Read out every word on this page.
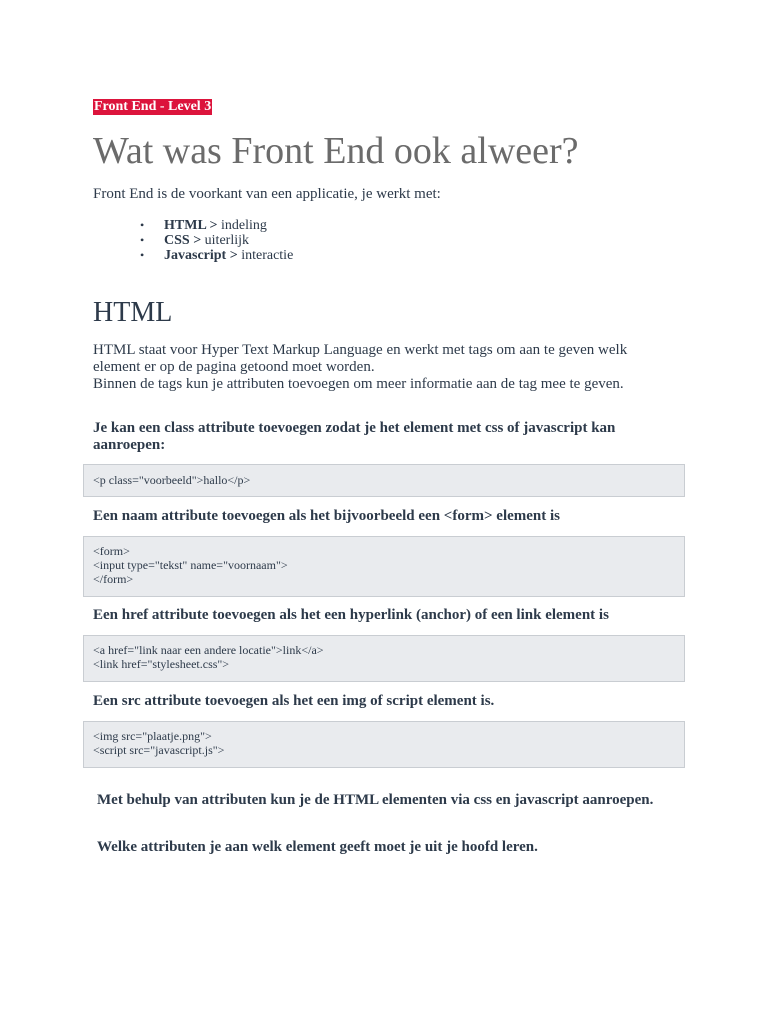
Front End - Level 3
Wat was Front End ook alweer?

Front End is de voorkant van een applicatie, je werkt met:

• HTML > indeling
• CSS > uiterlijk
• Javascript > interactie
HTML
HTML staat voor Hyper Text Markup Language en werkt met tags om aan te geven welk
element er op de pagina getoond moet worden.
Binnen de tags kun je attributen toevoegen om meer informatie aan de tag mee te geven.

Je kan een class attribute toevoegen zodat je het element met css of javascript kan aanroepen:

<p class="voorbeeld">hallo</p>

Een naam attribute toevoegen als het bijvoorbeeld een <form> element is

<form>
<input type="tekst" name="voornaam">
</form>

Een href attribute toevoegen als het een hyperlink (anchor) of een link element is

<a href="link naar een andere locatie">link</a>
<link href="stylesheet.css">

Een src attribute toevoegen als het een img of script element is.

<img src="plaatje.png">
<script src="javascript.js">

Met behulp van attributen kun je de HTML elementen via css en javascript aanroepen.

Welke attributen je aan welk element geeft moet je uit je hoofd leren.
